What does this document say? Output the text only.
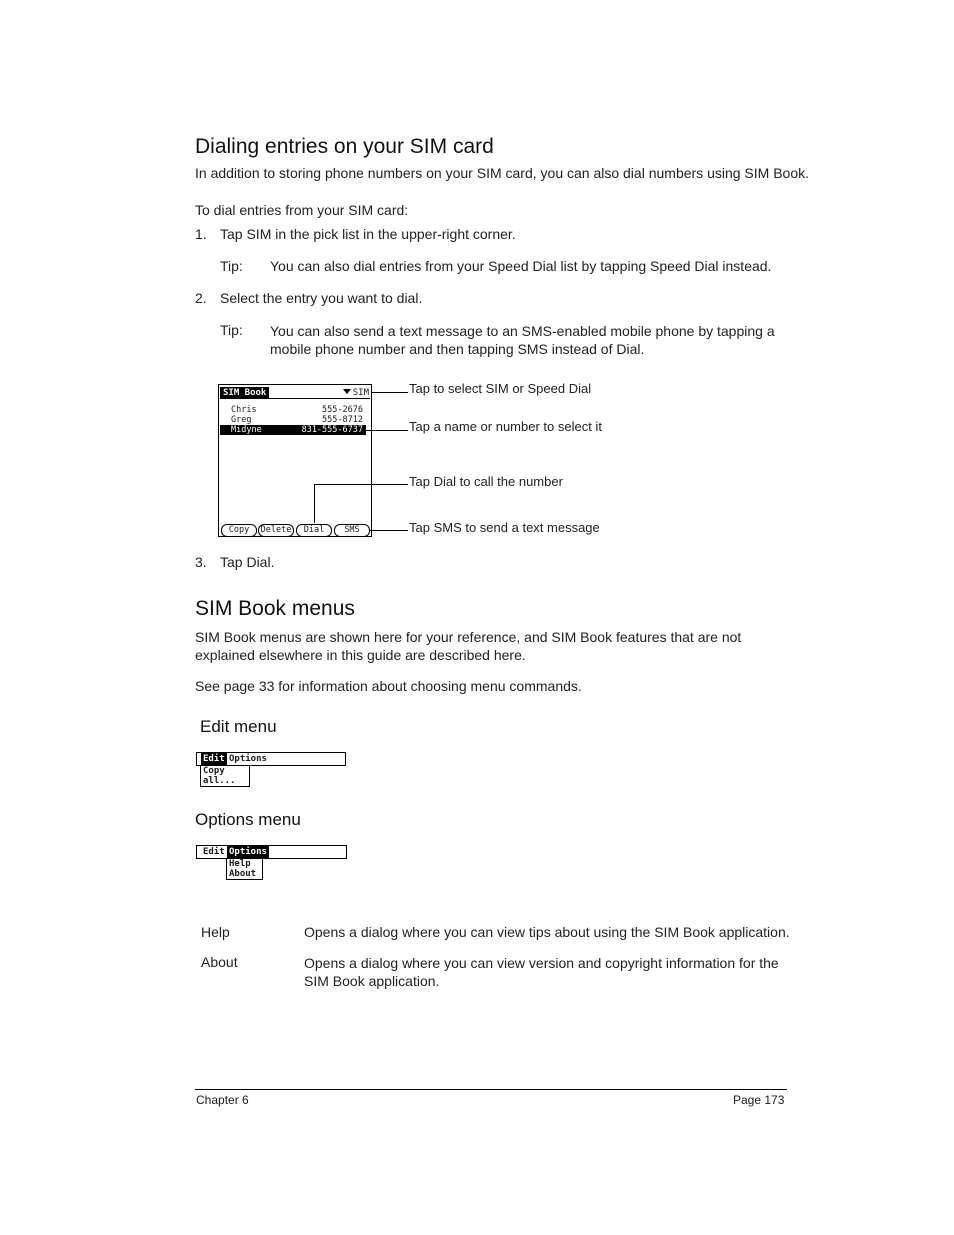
Dialing entries on your SIM card
In addition to storing phone numbers on your SIM card, you can also dial numbers using SIM Book.
To dial entries from your SIM card:
1. Tap SIM in the pick list in the upper-right corner.
Tip: You can also dial entries from your Speed Dial list by tapping Speed Dial instead.
2. Select the entry you want to dial.
Tip: You can also send a text message to an SMS-enabled mobile phone by tapping a mobile phone number and then tapping SMS instead of Dial.
SIM Book	SIM
Chris	555-2676
Greg	555-8712
Midyne	831-555-6737
Copy	Delete	Dial	SMS
Tap to select SIM or Speed Dial
Tap a name or number to select it
Tap Dial to call the number
Tap SMS to send a text message
3. Tap Dial.
SIM Book menus
SIM Book menus are shown here for your reference, and SIM Book features that are not explained elsewhere in this guide are described here.
See page 33 for information about choosing menu commands.
Edit menu
Edit Options
Copy all...
Options menu
Edit Options
Help
About
Help	Opens a dialog where you can view tips about using the SIM Book application.
About	Opens a dialog where you can view version and copyright information for the SIM Book application.
Chapter 6	Page 173
